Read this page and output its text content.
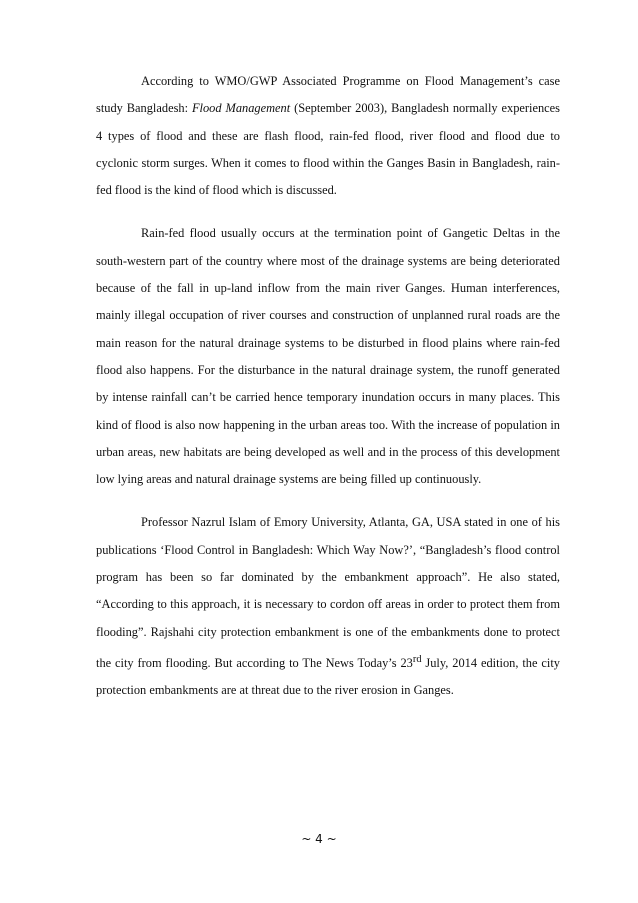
According to WMO/GWP Associated Programme on Flood Management’s case study Bangladesh: Flood Management (September 2003), Bangladesh normally experiences 4 types of flood and these are flash flood, rain-fed flood, river flood and flood due to cyclonic storm surges. When it comes to flood within the Ganges Basin in Bangladesh, rain-fed flood is the kind of flood which is discussed.

Rain-fed flood usually occurs at the termination point of Gangetic Deltas in the south-western part of the country where most of the drainage systems are being deteriorated because of the fall in up-land inflow from the main river Ganges. Human interferences, mainly illegal occupation of river courses and construction of unplanned rural roads are the main reason for the natural drainage systems to be disturbed in flood plains where rain-fed flood also happens. For the disturbance in the natural drainage system, the runoff generated by intense rainfall can’t be carried hence temporary inundation occurs in many places. This kind of flood is also now happening in the urban areas too. With the increase of population in urban areas, new habitats are being developed as well and in the process of this development low lying areas and natural drainage systems are being filled up continuously.

Professor Nazrul Islam of Emory University, Atlanta, GA, USA stated in one of his publications ‘Flood Control in Bangladesh: Which Way Now?’, “Bangladesh’s flood control program has been so far dominated by the embankment approach”. He also stated, “According to this approach, it is necessary to cordon off areas in order to protect them from flooding”. Rajshahi city protection embankment is one of the embankments done to protect the city from flooding. But according to The News Today’s 23rd July, 2014 edition, the city protection embankments are at threat due to the river erosion in Ganges.

~ 4 ~
